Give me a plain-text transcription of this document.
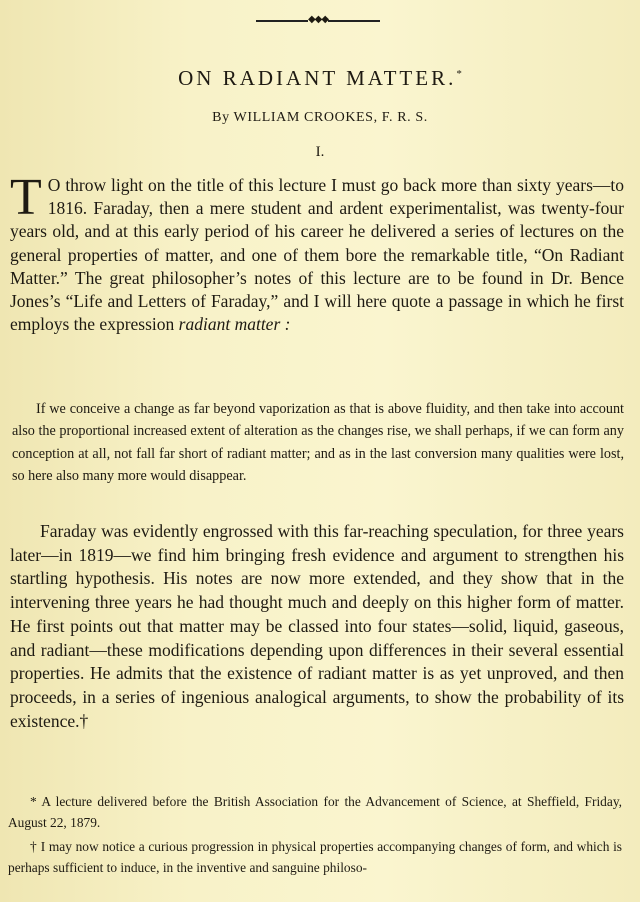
◆◆◆
ON RADIANT MATTER.*
By WILLIAM CROOKES, F. R. S.
I.
T O throw light on the title of this lecture I must go back more than sixty years—to 1816. Faraday, then a mere student and ardent experimentalist, was twenty-four years old, and at this early period of his career he delivered a series of lectures on the general properties of matter, and one of them bore the remarkable title, “On Radiant Matter.” The great philosopher’s notes of this lecture are to be found in Dr. Bence Jones’s “Life and Letters of Faraday,” and I will here quote a passage in which he first employs the expression radiant matter :
If we conceive a change as far beyond vaporization as that is above fluidity, and then take into account also the proportional increased extent of alteration as the changes rise, we shall perhaps, if we can form any conception at all, not fall far short of radiant matter; and as in the last conversion many qualities were lost, so here also many more would disappear.
Faraday was evidently engrossed with this far-reaching speculation, for three years later—in 1819—we find him bringing fresh evidence and argument to strengthen his startling hypothesis. His notes are now more extended, and they show that in the intervening three years he had thought much and deeply on this higher form of matter. He first points out that matter may be classed into four states—solid, liquid, gaseous, and radiant—these modifications depending upon differences in their several essential properties. He admits that the existence of radiant matter is as yet unproved, and then proceeds, in a series of ingenious analogical arguments, to show the probability of its existence.†
* A lecture delivered before the British Association for the Advancement of Science, at Sheffield, Friday, August 22, 1879.
† I may now notice a curious progression in physical properties accompanying changes of form, and which is perhaps sufficient to induce, in the inventive and sanguine philoso-
